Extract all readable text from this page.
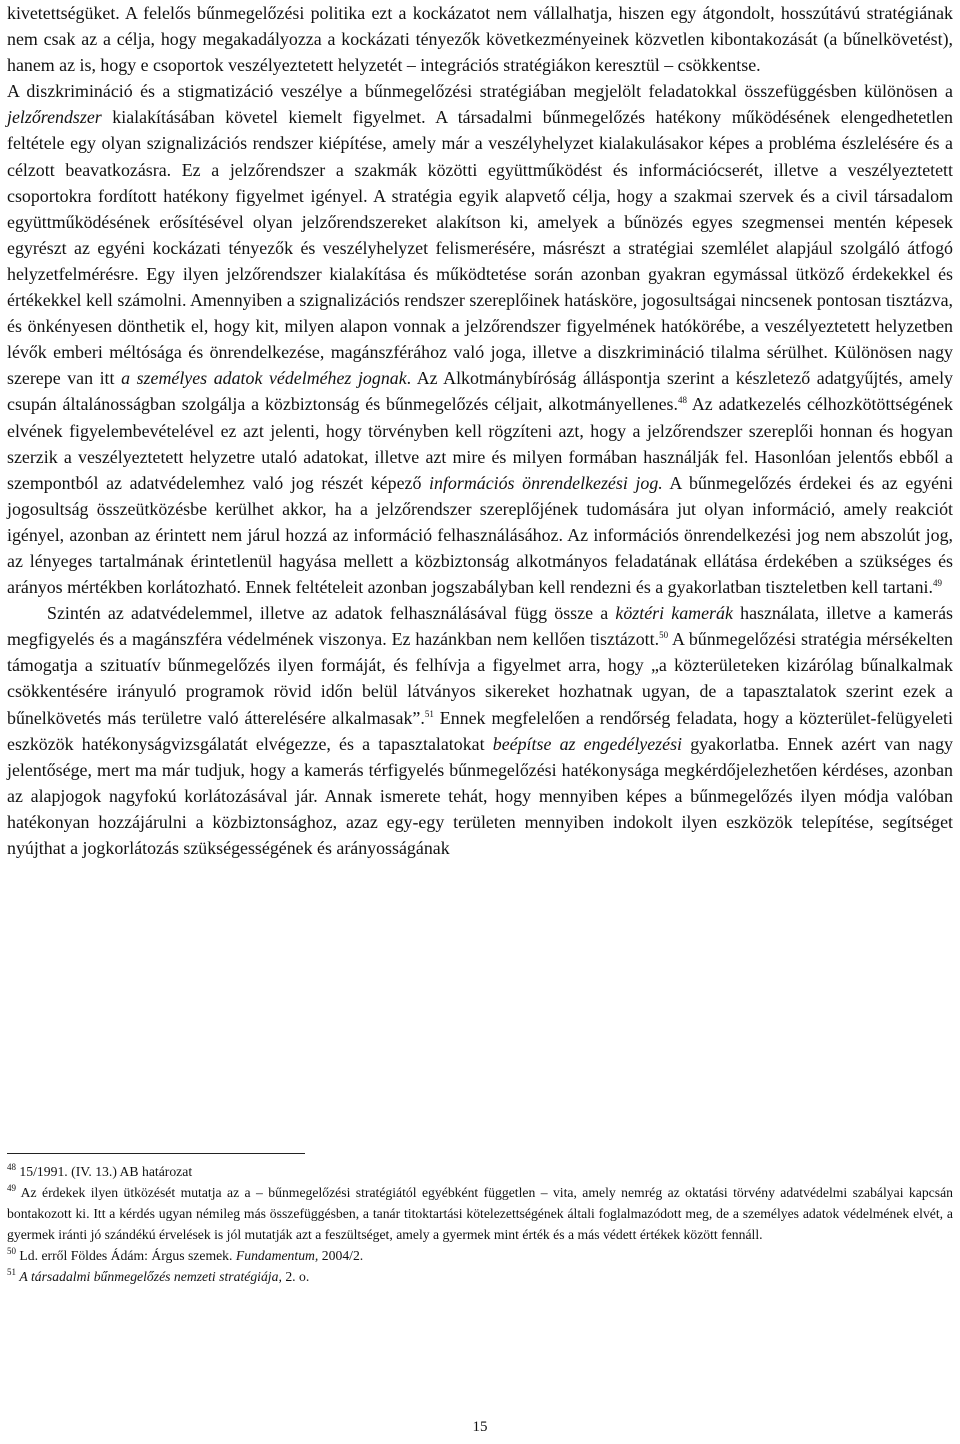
kivetettségüket. A felelős bűnmegelőzési politika ezt a kockázatot nem vállalhatja, hiszen egy átgondolt, hosszútávú stratégiának nem csak az a célja, hogy megakadályozza a kockázati tényezők következményeinek közvetlen kibontakozását (a bűnelkövetést), hanem az is, hogy e csoportok veszélyeztetett helyzetét – integrációs stratégiákon keresztül – csökkentse.

A diszkrimináció és a stigmatizáció veszélye a bűnmegelőzési stratégiában megjelölt feladatokkal összefüggésben különösen a jelzőrendszer kialakításában követel kiemelt figyelmet. A társadalmi bűnmegelőzés hatékony működésének elengedhetetlen feltétele egy olyan szignalizációs rendszer kiépítése, amely már a veszélyhelyzet kialakulásakor képes a probléma észlelésére és a célzott beavatkozásra. Ez a jelzőrendszer a szakmák közötti együttműködést és információcserét, illetve a veszélyeztetett csoportokra fordított hatékony figyelmet igényel. A stratégia egyik alapvető célja, hogy a szakmai szervek és a civil társadalom együttműködésének erősítésével olyan jelzőrendszereket alakítson ki, amelyek a bűnözés egyes szegmensei mentén képesek egyrészt az egyéni kockázati tényezők és veszélyhelyzet felismerésére, másrészt a stratégiai szemlélet alapjául szolgáló átfogó helyzetfelmérésre. Egy ilyen jelzőrendszer kialakítása és működtetése során azonban gyakran egymással ütköző érdekekkel és értékekkel kell számolni. Amennyiben a szignalizációs rendszer szereplőinek hatásköre, jogosultságai nincsenek pontosan tisztázva, és önkényesen dönthetik el, hogy kit, milyen alapon vonnak a jelzőrendszer figyelmének hatókörébe, a veszélyeztetett helyzetben lévők emberi méltósága és önrendelkezése, magánszférához való joga, illetve a diszkrimináció tilalma sérülhet. Különösen nagy szerepe van itt a személyes adatok védelméhez jognak. Az Alkotmánybíróság álláspontja szerint a készletező adatgyűjtés, amely csupán általánosságban szolgálja a közbiztonság és bűnmegelőzés céljait, alkotmányellenes.$^{48}$ Az adatkezelés célhozkötöttségének elvének figyelembevételével ez azt jelenti, hogy törvényben kell rögzíteni azt, hogy a jelzőrendszer szereplői honnan és hogyan szerzik a veszélyeztetett helyzetre utaló adatokat, illetve azt mire és milyen formában használják fel. Hasonlóan jelentős ebből a szempontból az adatvédelemhez való jog részét képező információs önrendelkezési jog. A bűnmegelőzés érdekei és az egyéni jogosultság összeütközésbe kerülhet akkor, ha a jelzőrendszer szereplőjének tudomására jut olyan információ, amely reakciót igényel, azonban az érintett nem járul hozzá az információ felhasználásához. Az információs önrendelkezési jog nem abszolút jog, az lényeges tartalmának érintetlenül hagyása mellett a közbiztonság alkotmányos feladatának ellátása érdekében a szükséges és arányos mértékben korlátozható. Ennek feltételeit azonban jogszabályban kell rendezni és a gyakorlatban tiszteletben kell tartani.$^{49}$

Szintén az adatvédelemmel, illetve az adatok felhasználásával függ össze a köztéri kamerák használata, illetve a kamerás megfigyelés és a magánszféra védelmének viszonya. Ez hazánkban nem kellően tisztázott.$^{50}$ A bűnmegelőzési stratégia mérsékelten támogatja a szituatív bűnmegelőzés ilyen formáját, és felhívja a figyelmet arra, hogy „a közterületeken kizárólag bűnalkalmak csökkentésére irányuló programok rövid időn belül látványos sikereket hozhatnak ugyan, de a tapasztalatok szerint ezek a bűnelkövetés más területre való átterelésére alkalmasak”.$^{51}$ Ennek megfelelően a rendőrség feladata, hogy a közterület-felügyeleti eszközök hatékonyságvizsgálatát elvégezze, és a tapasztalatokat beépítse az engedélyezési gyakorlatba. Ennek azért van nagy jelentősége, mert ma már tudjuk, hogy a kamerás térfigyelés bűnmegelőzési hatékonysága megkérdőjelezhetően kérdéses, azonban az alapjogok nagyfokú korlátozásával jár. Annak ismerete tehát, hogy mennyiben képes a bűnmegelőzés ilyen módja valóban hatékonyan hozzájárulni a közbiztonsághoz, azaz egy-egy területen mennyiben indokolt ilyen eszközök telepítése, segítséget nyújthat a jogkorlátozás szükségességének és arányosságának

$^{48}$ 15/1991. (IV. 13.) AB határozat

$^{49}$ Az érdekek ilyen ütközését mutatja az a – bűnmegelőzési stratégiától egyébként független – vita, amely nemrég az oktatási törvény adatvédelmi szabályai kapcsán bontakozott ki. Itt a kérdés ugyan némileg más összefüggésben, a tanár titoktartási kötelezettségének általi foglalmazódott meg, de a személyes adatok védelmének elvét, a gyermek iránti jó szándékú érvelések is jól mutatják azt a feszültséget, amely a gyermek mint érték és a más védett értékek között fennáll.

$^{50}$ Ld. erről Földes Ádám: Árgus szemek. Fundamentum, 2004/2.

$^{51}$ A társadalmi bűnmegelőzés nemzeti stratégiája, 2. o.

15
